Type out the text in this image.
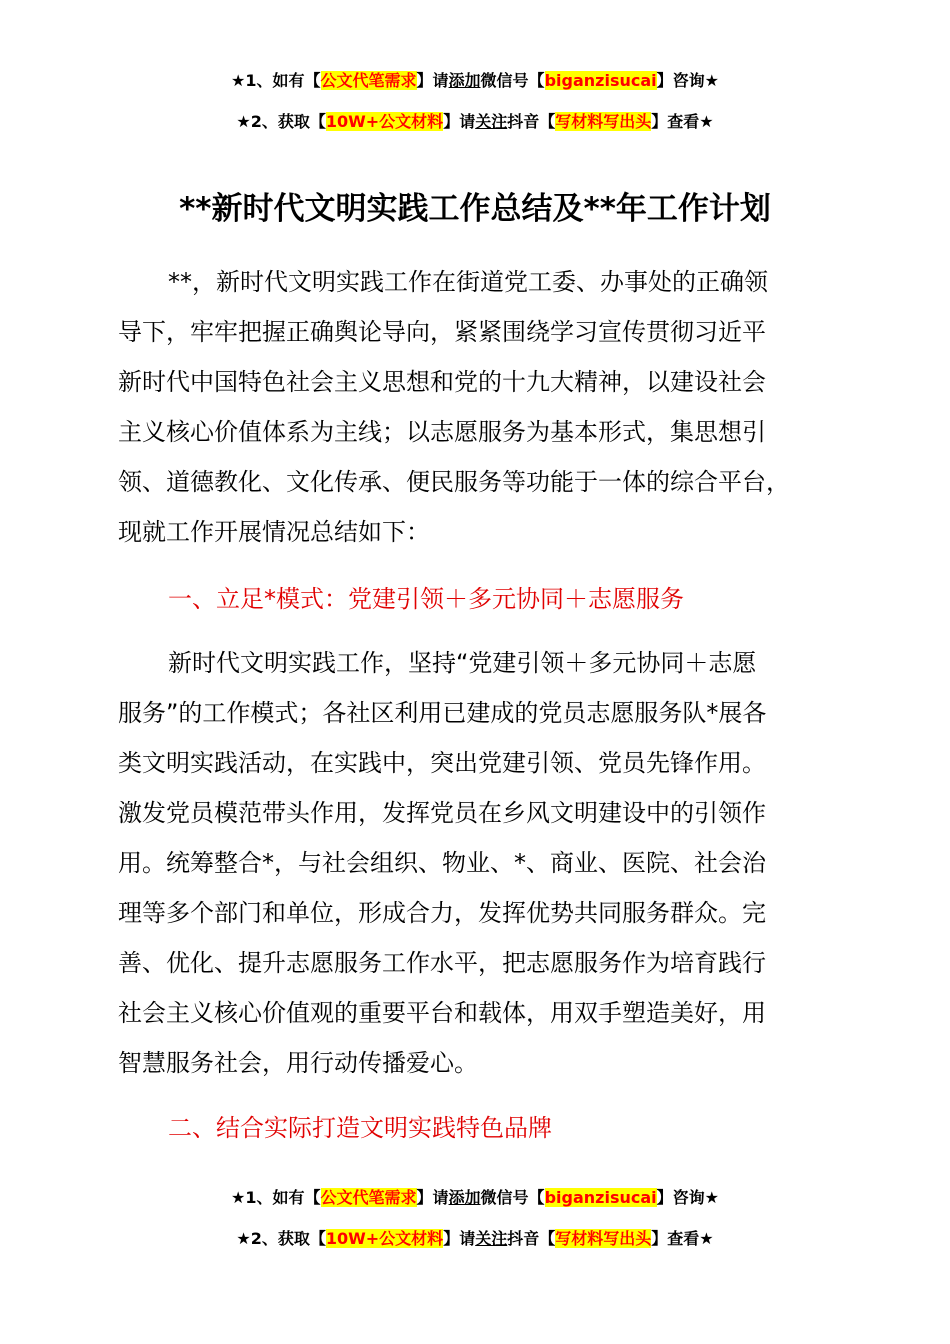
★1、如有【公文代笔需求】请添加微信号【biganzisucai】咨询★
★2、获取【10W+公文材料】请关注抖音【写材料写出头】查看★
**新时代文明实践工作总结及**年工作计划
**，新时代文明实践工作在街道党工委、办事处的正确领
导下，牢牢把握正确舆论导向，紧紧围绕学习宣传贯彻习近平
新时代中国特色社会主义思想和党的十九大精神，以建设社会
主义核心价值体系为主线；以志愿服务为基本形式，集思想引
领、道德教化、文化传承、便民服务等功能于一体的综合平台，
现就工作开展情况总结如下：
一、立足*模式：党建引领＋多元协同＋志愿服务
新时代文明实践工作，坚持“党建引领＋多元协同＋志愿
服务”的工作模式；各社区利用已建成的党员志愿服务队*展各
类文明实践活动，在实践中，突出党建引领、党员先锋作用。
激发党员模范带头作用，发挥党员在乡风文明建设中的引领作
用。统筹整合*，与社会组织、物业、*、商业、医院、社会治
理等多个部门和单位，形成合力，发挥优势共同服务群众。完
善、优化、提升志愿服务工作水平，把志愿服务作为培育践行
社会主义核心价值观的重要平台和载体，用双手塑造美好，用
智慧服务社会，用行动传播爱心。
二、结合实际打造文明实践特色品牌
★1、如有【公文代笔需求】请添加微信号【biganzisucai】咨询★
★2、获取【10W+公文材料】请关注抖音【写材料写出头】查看★
